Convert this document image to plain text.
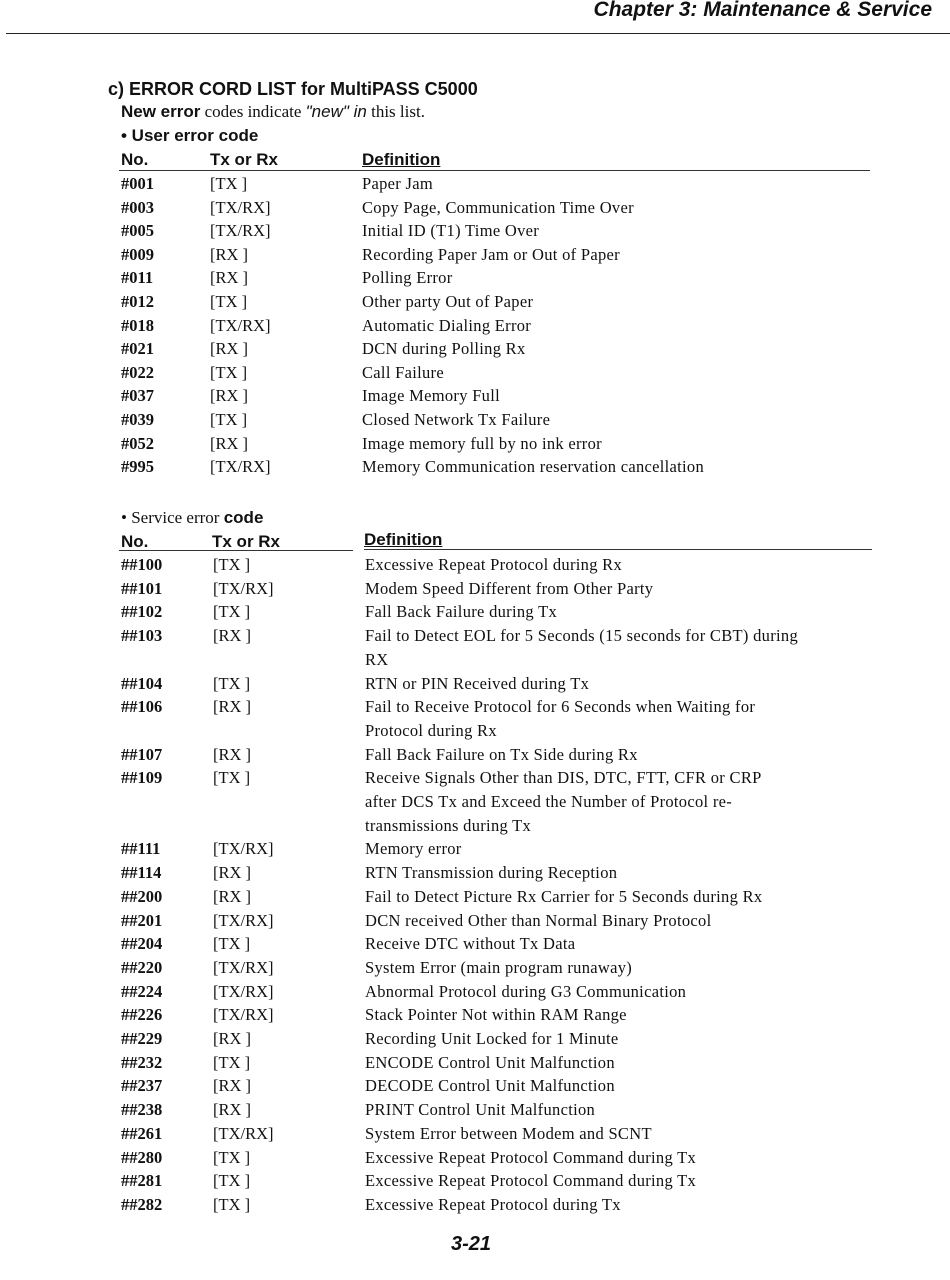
Chapter 3: Maintenance & Service
c) ERROR CORD LIST for MultiPASS C5000
New error codes indicate "new" in this list.
• User error code
No.	Tx or Rx	Definition
#001	[TX ]	Paper Jam
#003	[TX/RX]	Copy Page, Communication Time Over
#005	[TX/RX]	Initial ID (T1) Time Over
#009	[RX ]	Recording Paper Jam or Out of Paper
#011	[RX ]	Polling Error
#012	[TX ]	Other party Out of Paper
#018	[TX/RX]	Automatic Dialing Error
#021	[RX ]	DCN during Polling Rx
#022	[TX ]	Call Failure
#037	[RX ]	Image Memory Full
#039	[TX ]	Closed Network Tx Failure
#052	[RX ]	Image memory full by no ink error
#995	[TX/RX]	Memory Communication reservation cancellation
• Service error code
No.	Tx or Rx	Definition
##100	[TX ]	Excessive Repeat Protocol during Rx
##101	[TX/RX]	Modem Speed Different from Other Party
##102	[TX ]	Fall Back Failure during Tx
##103	[RX ]	Fail to Detect EOL for 5 Seconds (15 seconds for CBT) during
RX
##104	[TX ]	RTN or PIN Received during Tx
##106	[RX ]	Fail to Receive Protocol for 6 Seconds when Waiting for
Protocol during Rx
##107	[RX ]	Fall Back Failure on Tx Side during Rx
##109	[TX ]	Receive Signals Other than DIS, DTC, FTT, CFR or CRP
after DCS Tx and Exceed the Number of Protocol re-
transmissions during Tx
##111	[TX/RX]	Memory error
##114	[RX ]	RTN Transmission during Reception
##200	[RX ]	Fail to Detect Picture Rx Carrier for 5 Seconds during Rx
##201	[TX/RX]	DCN received Other than Normal Binary Protocol
##204	[TX ]	Receive DTC without Tx Data
##220	[TX/RX]	System Error (main program runaway)
##224	[TX/RX]	Abnormal Protocol during G3 Communication
##226	[TX/RX]	Stack Pointer Not within RAM Range
##229	[RX ]	Recording Unit Locked for 1 Minute
##232	[TX ]	ENCODE Control Unit Malfunction
##237	[RX ]	DECODE Control Unit Malfunction
##238	[RX ]	PRINT Control Unit Malfunction
##261	[TX/RX]	System Error between Modem and SCNT
##280	[TX ]	Excessive Repeat Protocol Command during Tx
##281	[TX ]	Excessive Repeat Protocol Command during Tx
##282	[TX ]	Excessive Repeat Protocol during Tx
3-21
